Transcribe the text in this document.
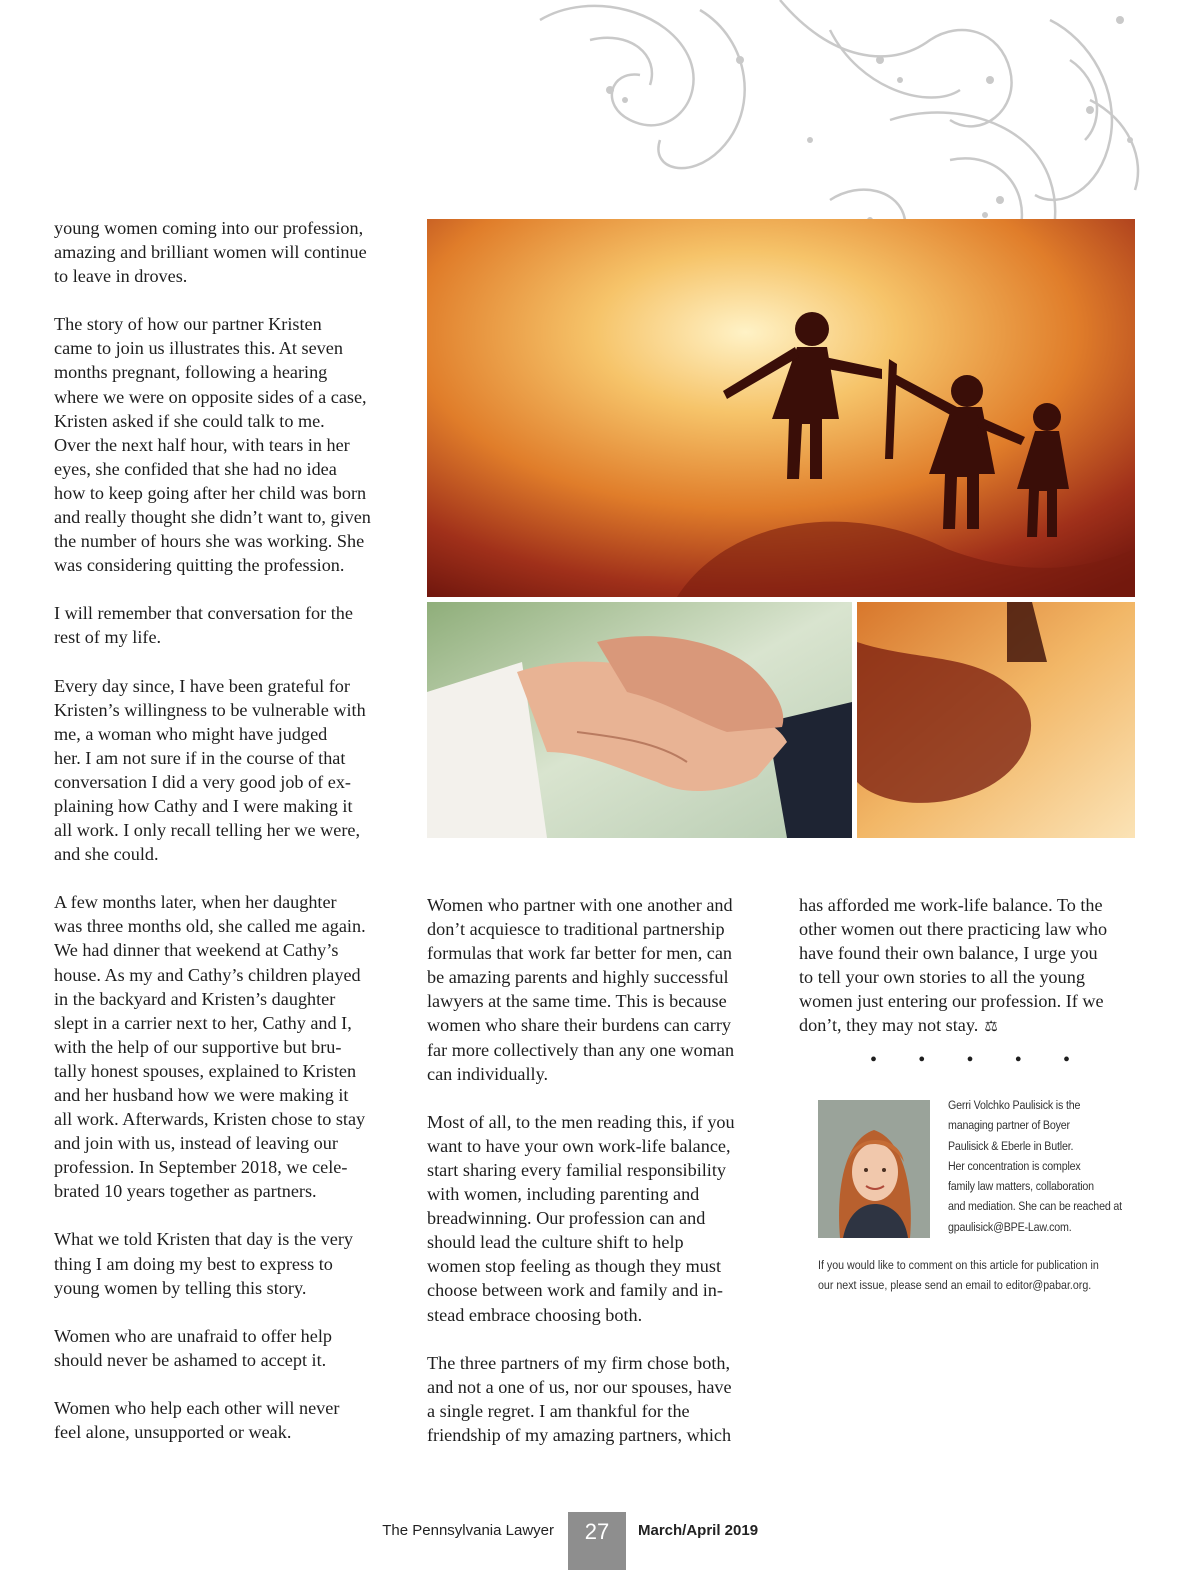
young women coming into our profession,
amazing and brilliant women will continue
to leave in droves.

The story of how our partner Kristen
came to join us illustrates this. At seven
months pregnant, following a hearing
where we were on opposite sides of a case,
Kristen asked if she could talk to me.
Over the next half hour, with tears in her
eyes, she confided that she had no idea
how to keep going after her child was born
and really thought she didn’t want to, given
the number of hours she was working. She
was considering quitting the profession.

I will remember that conversation for the
rest of my life.

Every day since, I have been grateful for
Kristen’s willingness to be vulnerable with
me, a woman who might have judged
her. I am not sure if in the course of that
conversation I did a very good job of ex-
plaining how Cathy and I were making it
all work. I only recall telling her we were,
and she could.

A few months later, when her daughter
was three months old, she called me again.
We had dinner that weekend at Cathy’s
house. As my and Cathy’s children played
in the backyard and Kristen’s daughter
slept in a carrier next to her, Cathy and I,
with the help of our supportive but bru-
tally honest spouses, explained to Kristen
and her husband how we were making it
all work. Afterwards, Kristen chose to stay
and join with us, instead of leaving our
profession. In September 2018, we cele-
brated 10 years together as partners.

What we told Kristen that day is the very
thing I am doing my best to express to
young women by telling this story.

Women who are unafraid to offer help
should never be ashamed to accept it.

Women who help each other will never
feel alone, unsupported or weak.

Women who partner with one another and
don’t acquiesce to traditional partnership
formulas that work far better for men, can
be amazing parents and highly successful
lawyers at the same time. This is because
women who share their burdens can carry
far more collectively than any one woman
can individually.

Most of all, to the men reading this, if you
want to have your own work-life balance,
start sharing every familial responsibility
with women, including parenting and
breadwinning. Our profession can and
should lead the culture shift to help
women stop feeling as though they must
choose between work and family and in-
stead embrace choosing both.

The three partners of my firm chose both,
and not a one of us, nor our spouses, have
a single regret. I am thankful for the
friendship of my amazing partners, which

has afforded me work-life balance. To the
other women out there practicing law who
have found their own balance, I urge you
to tell your own stories to all the young
women just entering our profession. If we
don’t, they may not stay. ⚖

• • • • •
Gerri Volchko Paulisick is the
managing partner of Boyer
Paulisick & Eberle in Butler.
Her concentration is complex
family law matters, collaboration
and mediation. She can be reached at
gpaulisick@BPE-Law.com.
If you would like to comment on this article for publication in
our next issue, please send an email to editor@pabar.org.
The Pennsylvania Lawyer	27	March/April 2019
